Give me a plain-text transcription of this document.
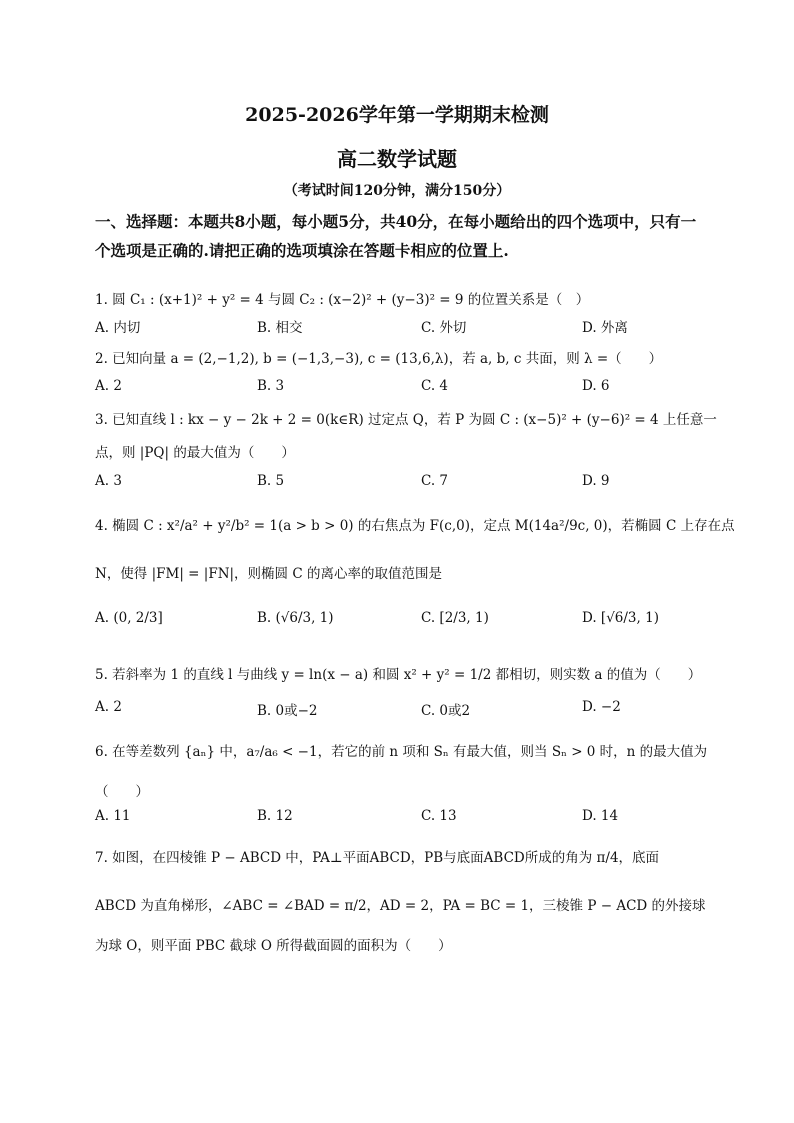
2025-2026学年第一学期期末检测
高二数学试题
（考试时间120分钟，满分150分）
一、选择题：本题共8小题，每小题5分，共40分，在每小题给出的四个选项中，只有一个选项是正确的.请把正确的选项填涂在答题卡相应的位置上.
1. 圆 C₁ : (x+1)² + y² = 4 与圆 C₂ : (x−2)² + (y−3)² = 9 的位置关系是（　）
A. 内切	B. 相交	C. 外切	D. 外离
2. 已知向量 a = (2,−1,2), b = (−1,3,−3), c = (13,6,λ)，若 a, b, c 共面，则 λ =（　　）
A. 2	B. 3	C. 4	D. 6
3. 已知直线 l : kx − y − 2k + 2 = 0(k∈R) 过定点 Q，若 P 为圆 C : (x−5)² + (y−6)² = 4 上任意一
点，则 |PQ| 的最大值为（　　）
A. 3	B. 5	C. 7	D. 9
4. 椭圆 C : x²/a² + y²/b² = 1(a > b > 0) 的右焦点为 F(c,0)，定点 M(14a²/9c, 0)，若椭圆 C 上存在点
N，使得 |FM| = |FN|，则椭圆 C 的离心率的取值范围是
A. (0, 2/3]	B. (√6/3, 1)	C. [2/3, 1)	D. [√6/3, 1)
5. 若斜率为 1 的直线 l 与曲线 y = ln(x − a) 和圆 x² + y² = 1/2 都相切，则实数 a 的值为（　　）
A. 2	B. 0或−2	C. 0或2	D. −2
6. 在等差数列 {aₙ} 中，a₇/a₆ < −1，若它的前 n 项和 Sₙ 有最大值，则当 Sₙ > 0 时，n 的最大值为
（　　）
A. 11	B. 12	C. 13	D. 14
7. 如图，在四棱锥 P − ABCD 中，PA⊥平面ABCD，PB与底面ABCD所成的角为 π/4，底面
ABCD 为直角梯形，∠ABC = ∠BAD = π/2，AD = 2，PA = BC = 1，三棱锥 P − ACD 的外接球
为球 O，则平面 PBC 截球 O 所得截面圆的面积为（　　）
